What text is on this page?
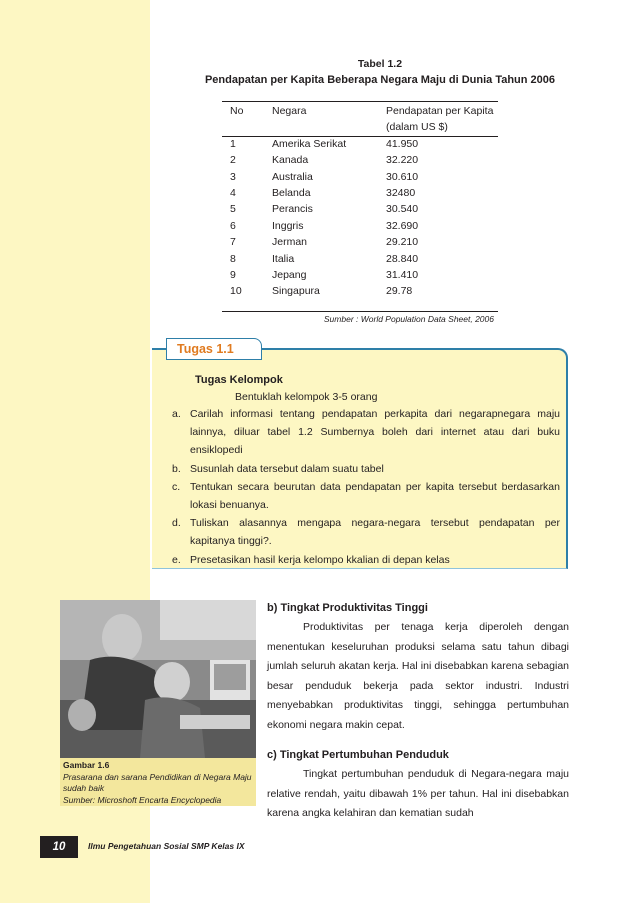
Tabel 1.2
Pendapatan per Kapita Beberapa Negara Maju di Dunia Tahun 2006
No	Negara	Pendapatan per Kapita
(dalam US $)
1	Amerika Serikat	41.950
2	Kanada	32.220
3	Australia	30.610
4	Belanda	32480
5	Perancis	30.540
6	Inggris	32.690
7	Jerman	29.210
8	Italia	28.840
9	Jepang	31.410
10	Singapura	29.78
Sumber : World Population Data Sheet, 2006
Tugas 1.1
Tugas Kelompok
Bentuklah kelompok 3-5 orang
a. Carilah informasi tentang pendapatan perkapita dari negarapnegara maju lainnya, diluar tabel 1.2 Sumbernya boleh dari internet atau dari buku ensiklopedi
b. Susunlah data tersebut dalam suatu tabel
c. Tentukan secara beurutan data pendapatan per kapita tersebut berdasarkan lokasi benuanya.
d. Tuliskan alasannya mengapa negara-negara tersebut pendapatan per kapitanya tinggi?.
e. Presetasikan hasil kerja kelompo kkalian di depan kelas
Gambar 1.6
Prasarana dan sarana Pendidikan di Negara Maju sudah baik
Sumber: Microshoft Encarta Encyclopedia
b) Tingkat Produktivitas Tinggi

Produktivitas per tenaga kerja diperoleh dengan menentukan keseluruhan produksi selama satu tahun dibagi jumlah seluruh akatan kerja. Hal ini disebabkan karena sebagian besar penduduk bekerja pada sektor industri. Industri menyebabkan produktivitas tinggi, sehingga pertumbuhan ekonomi negara makin cepat.

c) Tingkat Pertumbuhan Penduduk

Tingkat pertumbuhan penduduk di Negara-negara maju relative rendah, yaitu dibawah 1% per tahun. Hal ini disebabkan karena angka kelahiran dan kematian sudah

10	Ilmu Pengetahuan Sosial SMP Kelas IX
